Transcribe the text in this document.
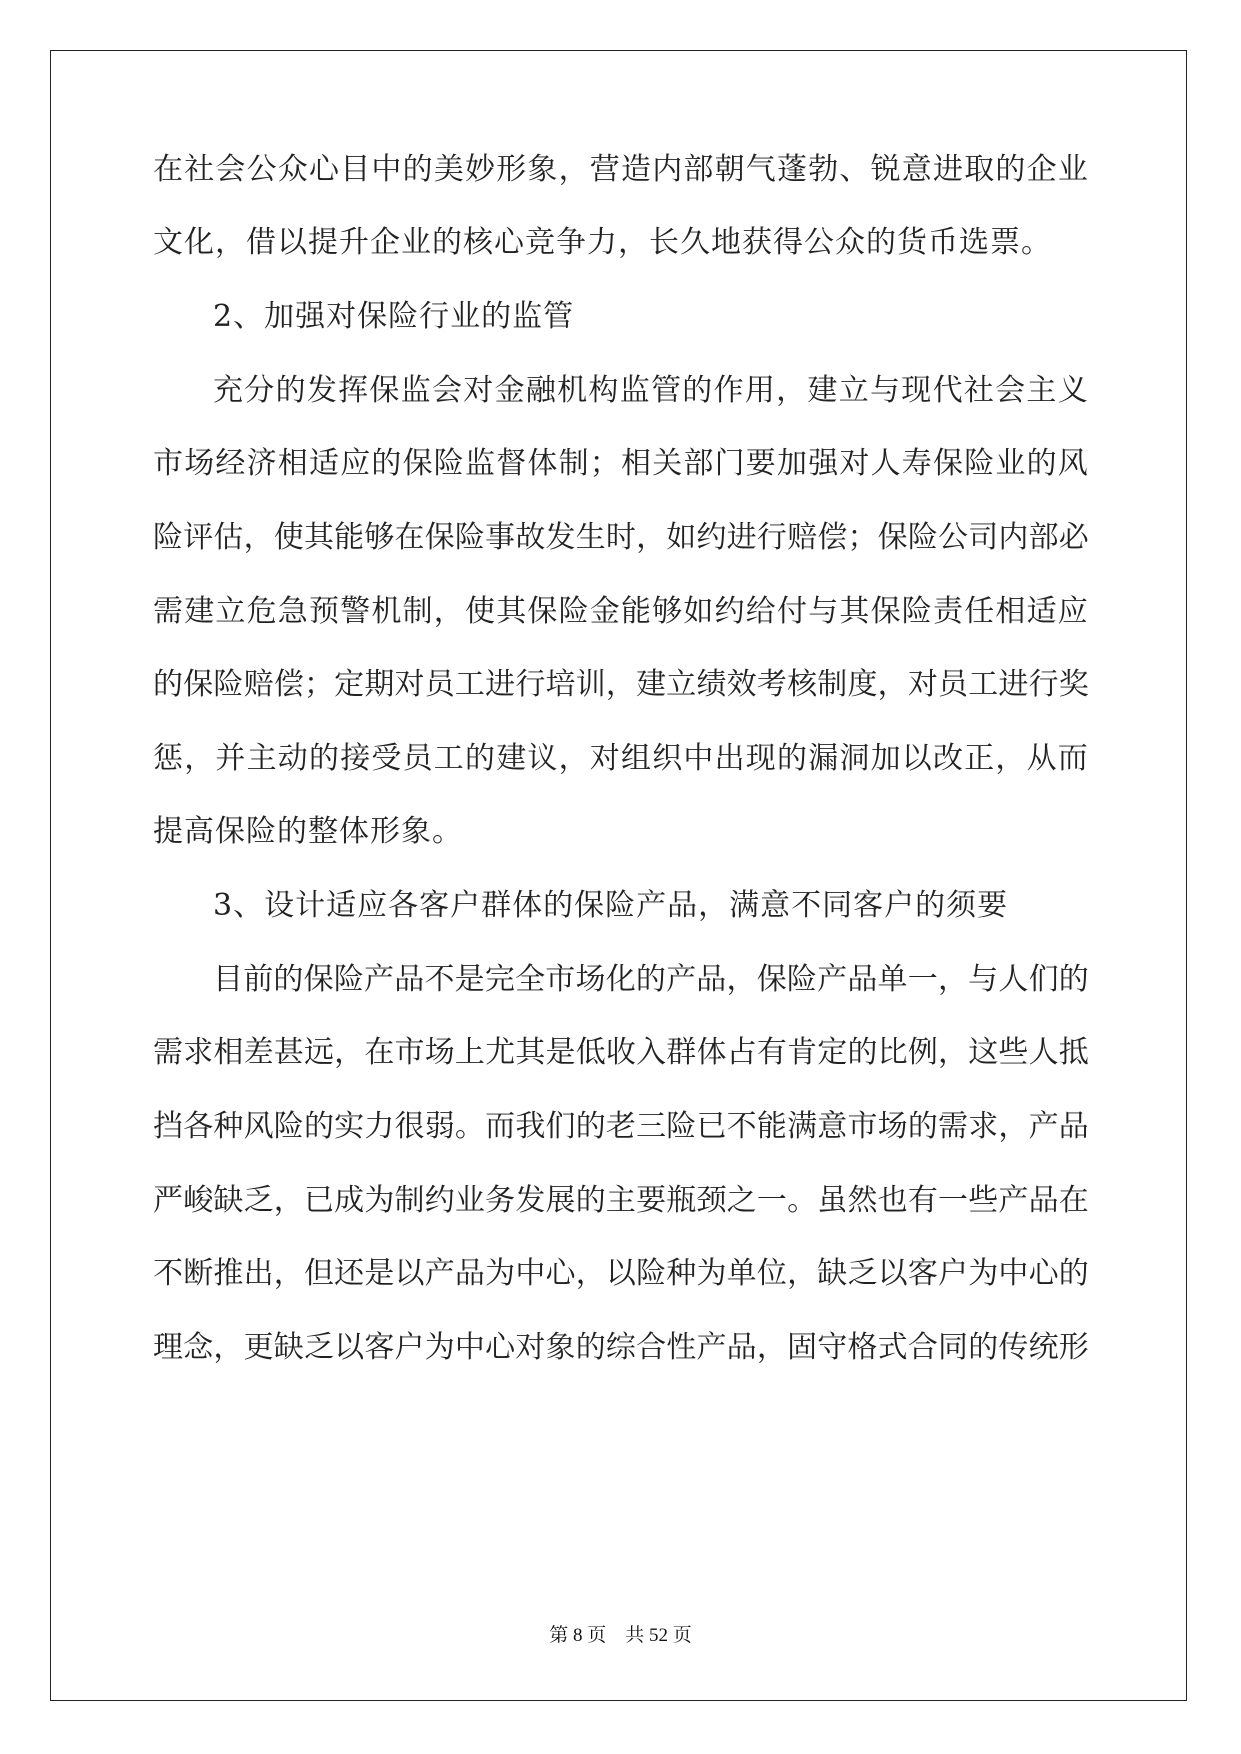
在社会公众心目中的美妙形象，营造内部朝气蓬勃、锐意进取的企业
文化，借以提升企业的核心竞争力，长久地获得公众的货币选票。
2、加强对保险行业的监管
充分的发挥保监会对金融机构监管的作用，建立与现代社会主义
市场经济相适应的保险监督体制；相关部门要加强对人寿保险业的风
险评估，使其能够在保险事故发生时，如约进行赔偿；保险公司内部必
需建立危急预警机制，使其保险金能够如约给付与其保险责任相适应
的保险赔偿；定期对员工进行培训，建立绩效考核制度，对员工进行奖
惩，并主动的接受员工的建议，对组织中出现的漏洞加以改正，从而
提高保险的整体形象。
3、设计适应各客户群体的保险产品，满意不同客户的须要
目前的保险产品不是完全市场化的产品，保险产品单一，与人们的
需求相差甚远，在市场上尤其是低收入群体占有肯定的比例，这些人抵
挡各种风险的实力很弱。而我们的老三险已不能满意市场的需求，产品
严峻缺乏，已成为制约业务发展的主要瓶颈之一。虽然也有一些产品在
不断推出，但还是以产品为中心，以险种为单位，缺乏以客户为中心的
理念，更缺乏以客户为中心对象的综合性产品，固守格式合同的传统形
第 8 页 共 52 页
